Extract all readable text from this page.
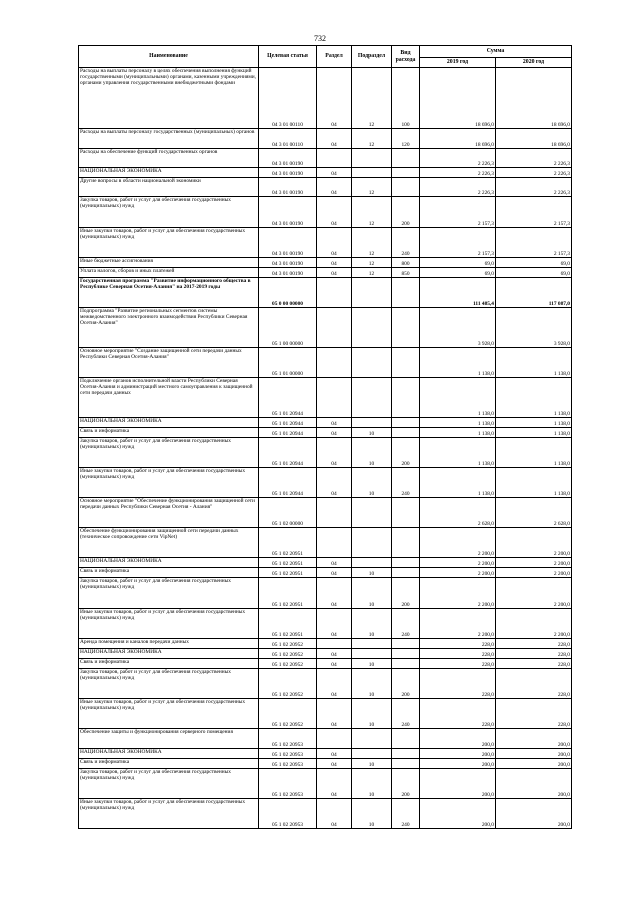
732
Наименование	Целевая статья	Раздел	Подраздел	Вид расхода	Сумма	
					2019 год	2020 год
Расходы на выплаты персоналу в целях обеспечения выполнения функций государственными (муниципальными) органами, казенными учреждениями, органами управления государственными внебюджетными фондами	04 3 01 00110	04	12	100	18 696,0	18 696,0
Расходы на выплаты персоналу государственных (муниципальных) органов	04 3 01 00110	04	12	120	18 696,0	18 696,0
Расходы на обеспечение функций государственных органов	04 3 01 00190				2 226,3	2 226,3
НАЦИОНАЛЬНАЯ ЭКОНОМИКА	04 3 01 00190	04			2 226,3	2 226,3
Другие вопросы в области национальной экономики	04 3 01 00190	04	12		2 226,3	2 226,3
Закупка товаров, работ и услуг для обеспечения государственных (муниципальных) нужд	04 3 01 00190	04	12	200	2 157,3	2 157,3
Иные закупки товаров, работ и услуг для обеспечения государственных (муниципальных) нужд	04 3 01 00190	04	12	240	2 157,3	2 157,3
Иные бюджетные ассигнования	04 3 01 00190	04	12	800	69,0	69,0
Уплата налогов, сборов и иных платежей	04 3 01 00190	04	12	850	69,0	69,0
Государственная программа "Развитие информационного общества в Республике Северная Осетия-Алания" на 2017-2019 годы	05 0 00 00000				111 485,4	117 087,0
Подпрограмма "Развитие региональных сегментов системы межведомственного электронного взаимодействия Республики Северная Осетия-Алания"	05 1 00 00000				3 928,0	3 928,0
Основное мероприятие "Создание защищенной сети передачи данных Республики Северная Осетия-Алания"	05 1 01 00000				1 138,0	1 138,0
Подключение органов исполнительной власти Республики Северная Осетия-Алания и администраций местного самоуправления к защищенной сети передачи данных	05 1 01 20944				1 138,0	1 138,0
НАЦИОНАЛЬНАЯ ЭКОНОМИКА	05 1 01 20944	04			1 138,0	1 138,0
Связь и информатика	05 1 01 20944	04	10		1 138,0	1 138,0
Закупка товаров, работ и услуг для обеспечения государственных (муниципальных) нужд	05 1 01 20944	04	10	200	1 138,0	1 138,0
Иные закупки товаров, работ и услуг для обеспечения государственных (муниципальных) нужд	05 1 01 20944	04	10	240	1 138,0	1 138,0
Основное мероприятие "Обеспечение функционирования защищенной сети передачи данных Республики Северная Осетия - Алания"	05 1 02 00000				2 628,0	2 628,0
Обеспечение функционирования защищенной сети передачи данных (техническое сопровождение сети VipNet)	05 1 02 20951				2 200,0	2 200,0
НАЦИОНАЛЬНАЯ ЭКОНОМИКА	05 1 02 20951	04			2 200,0	2 200,0
Связь и информатика	05 1 02 20951	04	10		2 200,0	2 200,0
Закупка товаров, работ и услуг для обеспечения государственных (муниципальных) нужд	05 1 02 20951	04	10	200	2 200,0	2 200,0
Иные закупки товаров, работ и услуг для обеспечения государственных (муниципальных) нужд	05 1 02 20951	04	10	240	2 200,0	2 200,0
Аренда помещения и каналов передачи данных	05 1 02 20952				228,0	228,0
НАЦИОНАЛЬНАЯ ЭКОНОМИКА	05 1 02 20952	04			228,0	228,0
Связь и информатика	05 1 02 20952	04	10		228,0	228,0
Закупка товаров, работ и услуг для обеспечения государственных (муниципальных) нужд	05 1 02 20952	04	10	200	228,0	228,0
Иные закупки товаров, работ и услуг для обеспечения государственных (муниципальных) нужд	05 1 02 20952	04	10	240	228,0	228,0
Обеспечение защиты и функционирования серверного помещения	05 1 02 20953				200,0	200,0
НАЦИОНАЛЬНАЯ ЭКОНОМИКА	05 1 02 20953	04			200,0	200,0
Связь и информатика	05 1 02 20953	04	10		200,0	200,0
Закупка товаров, работ и услуг для обеспечения государственных (муниципальных) нужд	05 1 02 20953	04	10	200	200,0	200,0
Иные закупки товаров, работ и услуг для обеспечения государственных (муниципальных) нужд	05 1 02 20953	04	10	240	200,0	200,0
